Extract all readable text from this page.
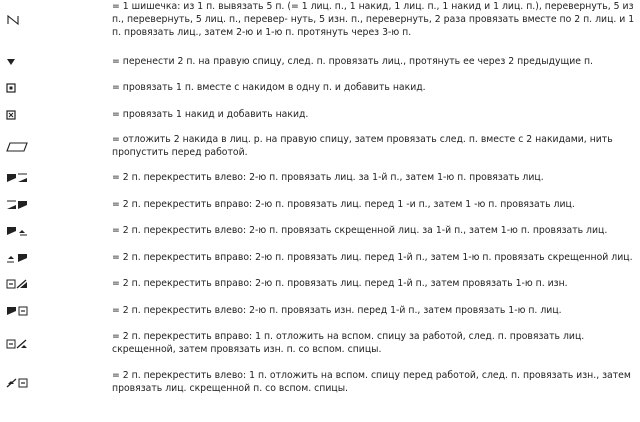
= 1 шишечка: из 1 п. вывязать 5 п. (= 1 лиц. п., 1 накид, 1 лиц. п., 1 накид и 1 лиц. п.), перевернуть, 5 из
п., перевернуть, 5 лиц. п., перевер- нуть, 5 изн. п., перевернуть, 2 раза провязать вместе по 2 п. лиц. и 1
п. провязать лиц., затем 2-ю и 1-ю п. протянуть через 3-ю п.
= перенести 2 п. на правую спицу, след. п. провязать лиц., протянуть ее через 2 предыдущие п.
= провязать 1 п. вместе с накидом в одну п. и добавить накид.
= провязать 1 накид и добавить накид.
= отложить 2 накида в лиц. р. на правую спицу, затем провязать след. п. вместе с 2 накидами, нить
пропустить перед работой.
= 2 п. перекрестить влево: 2-ю п. провязать лиц. за 1-й п., затем 1-ю п. провязать лиц.
= 2 п. перекрестить вправо: 2-ю п. провязать лиц. перед 1 -и п., затем 1 -ю п. провязать лиц.
= 2 п. перекрестить влево: 2-ю п. провязать скрещенной лиц. за 1-й п., затем 1-ю п. провязать лиц.
= 2 п. перекрестить вправо: 2-ю п. провязать лиц. перед 1-й п., затем 1-ю п. провязать скрещенной лиц.
= 2 п. перекрестить вправо: 2-ю п. провязать лиц. перед 1-й п., затем провязать 1-ю п. изн.
= 2 п. перекрестить влево: 2-ю п. провязать изн. перед 1-й п., затем провязать 1-ю п. лиц.
= 2 п. перекрестить вправо: 1 п. отложить на вспом. спицу за работой, след. п. провязать лиц.
скрещенной, затем провязать изн. п. со вспом. спицы.
= 2 п. перекрестить влево: 1 п. отложить на вспом. спицу перед работой, след. п. провязать изн., затем
провязать лиц. скрещенной п. со вспом. спицы.
